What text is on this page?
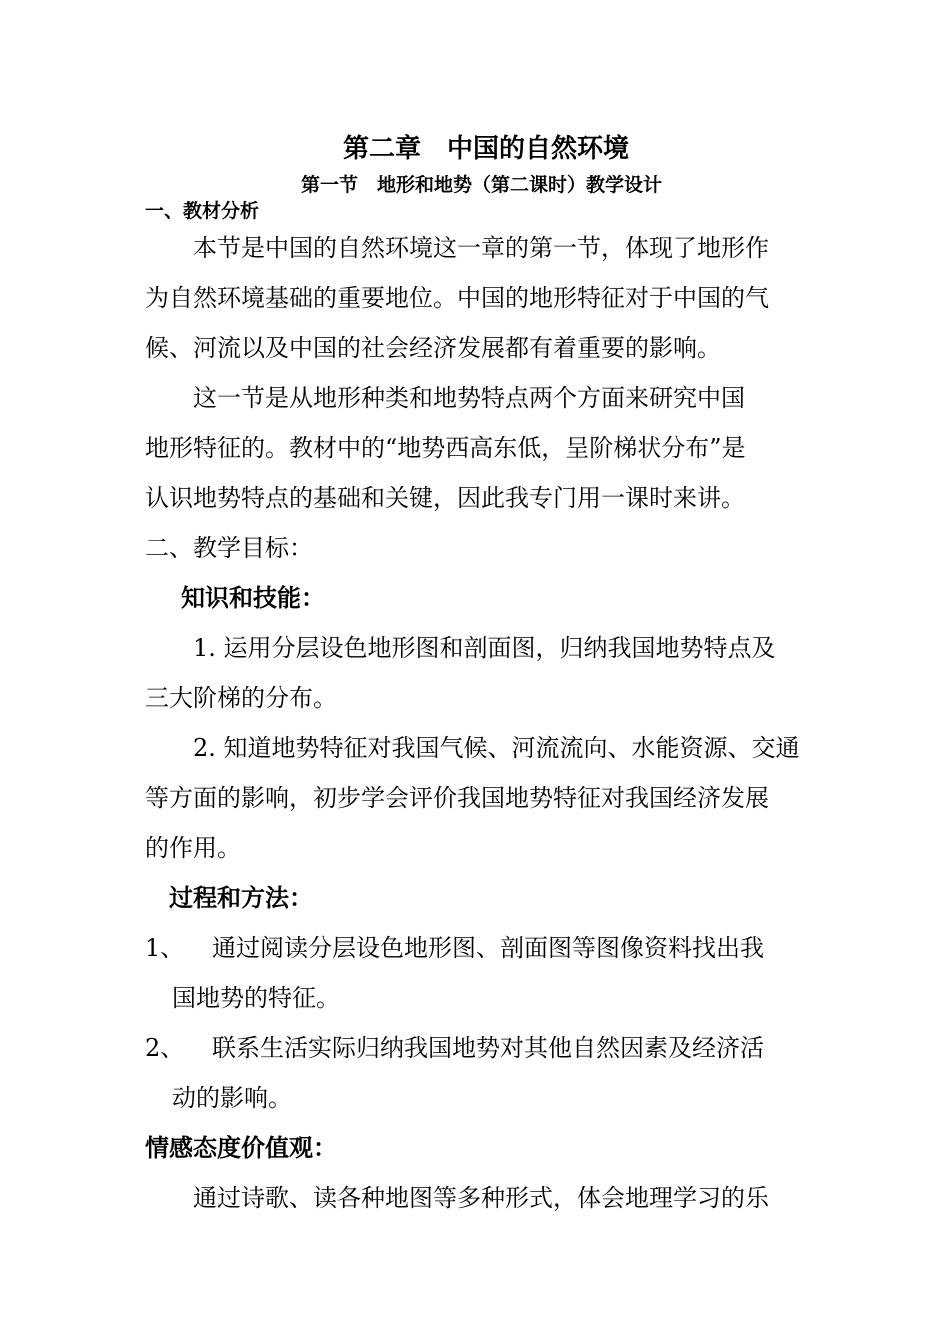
第二章　中国的自然环境
第一节　地形和地势（第二课时）教学设计
一、教材分析
本节是中国的自然环境这一章的第一节，体现了地形作
为自然环境基础的重要地位。中国的地形特征对于中国的气
候、河流以及中国的社会经济发展都有着重要的影响。
这一节是从地形种类和地势特点两个方面来研究中国
地形特征的。教材中的“地势西高东低，呈阶梯状分布”是
认识地势特点的基础和关键，因此我专门用一课时来讲。
二、教学目标：
知识和技能：
1. 运用分层设色地形图和剖面图，归纳我国地势特点及
三大阶梯的分布。
2. 知道地势特征对我国气候、河流流向、水能资源、交通
等方面的影响，初步学会评价我国地势特征对我国经济发展
的作用。
过程和方法：
1、 通过阅读分层设色地形图、剖面图等图像资料找出我
国地势的特征。
2、 联系生活实际归纳我国地势对其他自然因素及经济活
动的影响。
情感态度价值观：
通过诗歌、读各种地图等多种形式，体会地理学习的乐
